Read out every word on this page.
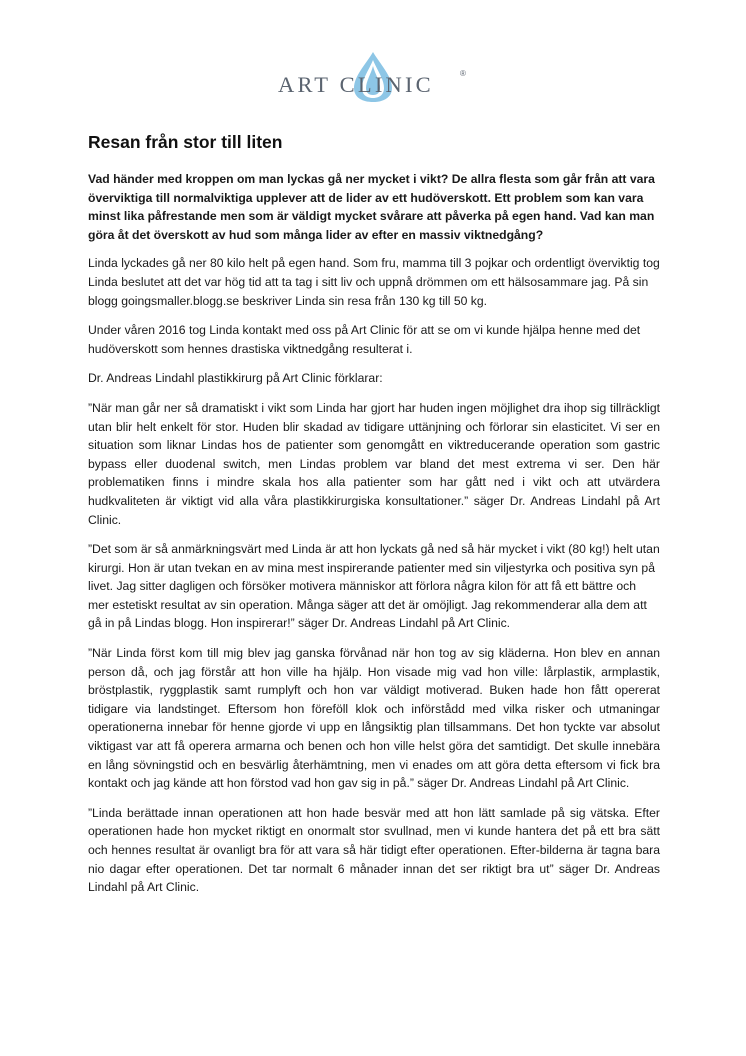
ART CLINIC	®
Resan från stor till liten

Vad händer med kroppen om man lyckas gå ner mycket i vikt? De allra flesta som går från att vara överviktiga till normalviktiga upplever att de lider av ett hudöverskott. Ett problem som kan vara minst lika påfrestande men som är väldigt mycket svårare att påverka på egen hand. Vad kan man göra åt det överskott av hud som många lider av efter en massiv viktnedgång?

Linda lyckades gå ner 80 kilo helt på egen hand. Som fru, mamma till 3 pojkar och ordentligt överviktig tog Linda beslutet att det var hög tid att ta tag i sitt liv och uppnå drömmen om ett hälsosammare jag. På sin blogg goingsmaller.blogg.se beskriver Linda sin resa från 130 kg till 50 kg.

Under våren 2016 tog Linda kontakt med oss på Art Clinic för att se om vi kunde hjälpa henne med det hudöverskott som hennes drastiska viktnedgång resulterat i.

Dr. Andreas Lindahl plastikkirurg på Art Clinic förklarar:

”När man går ner så dramatiskt i vikt som Linda har gjort har huden ingen möjlighet dra ihop sig tillräckligt utan blir helt enkelt för stor. Huden blir skadad av tidigare uttänjning och förlorar sin elasticitet. Vi ser en situation som liknar Lindas hos de patienter som genomgått en viktreducerande operation som gastric bypass eller duodenal switch, men Lindas problem var bland det mest extrema vi ser. Den här problematiken finns i mindre skala hos alla patienter som har gått ned i vikt och att utvärdera hudkvaliteten är viktigt vid alla våra plastikkirurgiska konsultationer.” säger Dr. Andreas Lindahl på Art Clinic.

”Det som är så anmärkningsvärt med Linda är att hon lyckats gå ned så här mycket i vikt (80 kg!) helt utan kirurgi. Hon är utan tvekan en av mina mest inspirerande patienter med sin viljestyrka och positiva syn på livet. Jag sitter dagligen och försöker motivera människor att förlora några kilon för att få ett bättre och mer estetiskt resultat av sin operation. Många säger att det är omöjligt. Jag rekommenderar alla dem att gå in på Lindas blogg. Hon inspirerar!” säger Dr. Andreas Lindahl på Art Clinic.

”När Linda först kom till mig blev jag ganska förvånad när hon tog av sig kläderna. Hon blev en annan person då, och jag förstår att hon ville ha hjälp. Hon visade mig vad hon ville: lårplastik, armplastik, bröstplastik, ryggplastik samt rumplyft och hon var väldigt motiverad. Buken hade hon fått opererat tidigare via landstinget. Eftersom hon föreföll klok och införstådd med vilka risker och utmaningar operationerna innebar för henne gjorde vi upp en långsiktig plan tillsammans. Det hon tyckte var absolut viktigast var att få operera armarna och benen och hon ville helst göra det samtidigt. Det skulle innebära en lång sövningstid och en besvärlig återhämtning, men vi enades om att göra detta eftersom vi fick bra kontakt och jag kände att hon förstod vad hon gav sig in på.” säger Dr. Andreas Lindahl på Art Clinic.

”Linda berättade innan operationen att hon hade besvär med att hon lätt samlade på sig vätska. Efter operationen hade hon mycket riktigt en onormalt stor svullnad, men vi kunde hantera det på ett bra sätt och hennes resultat är ovanligt bra för att vara så här tidigt efter operationen. Efter-bilderna är tagna bara nio dagar efter operationen. Det tar normalt 6 månader innan det ser riktigt bra ut” säger Dr. Andreas Lindahl på Art Clinic.
